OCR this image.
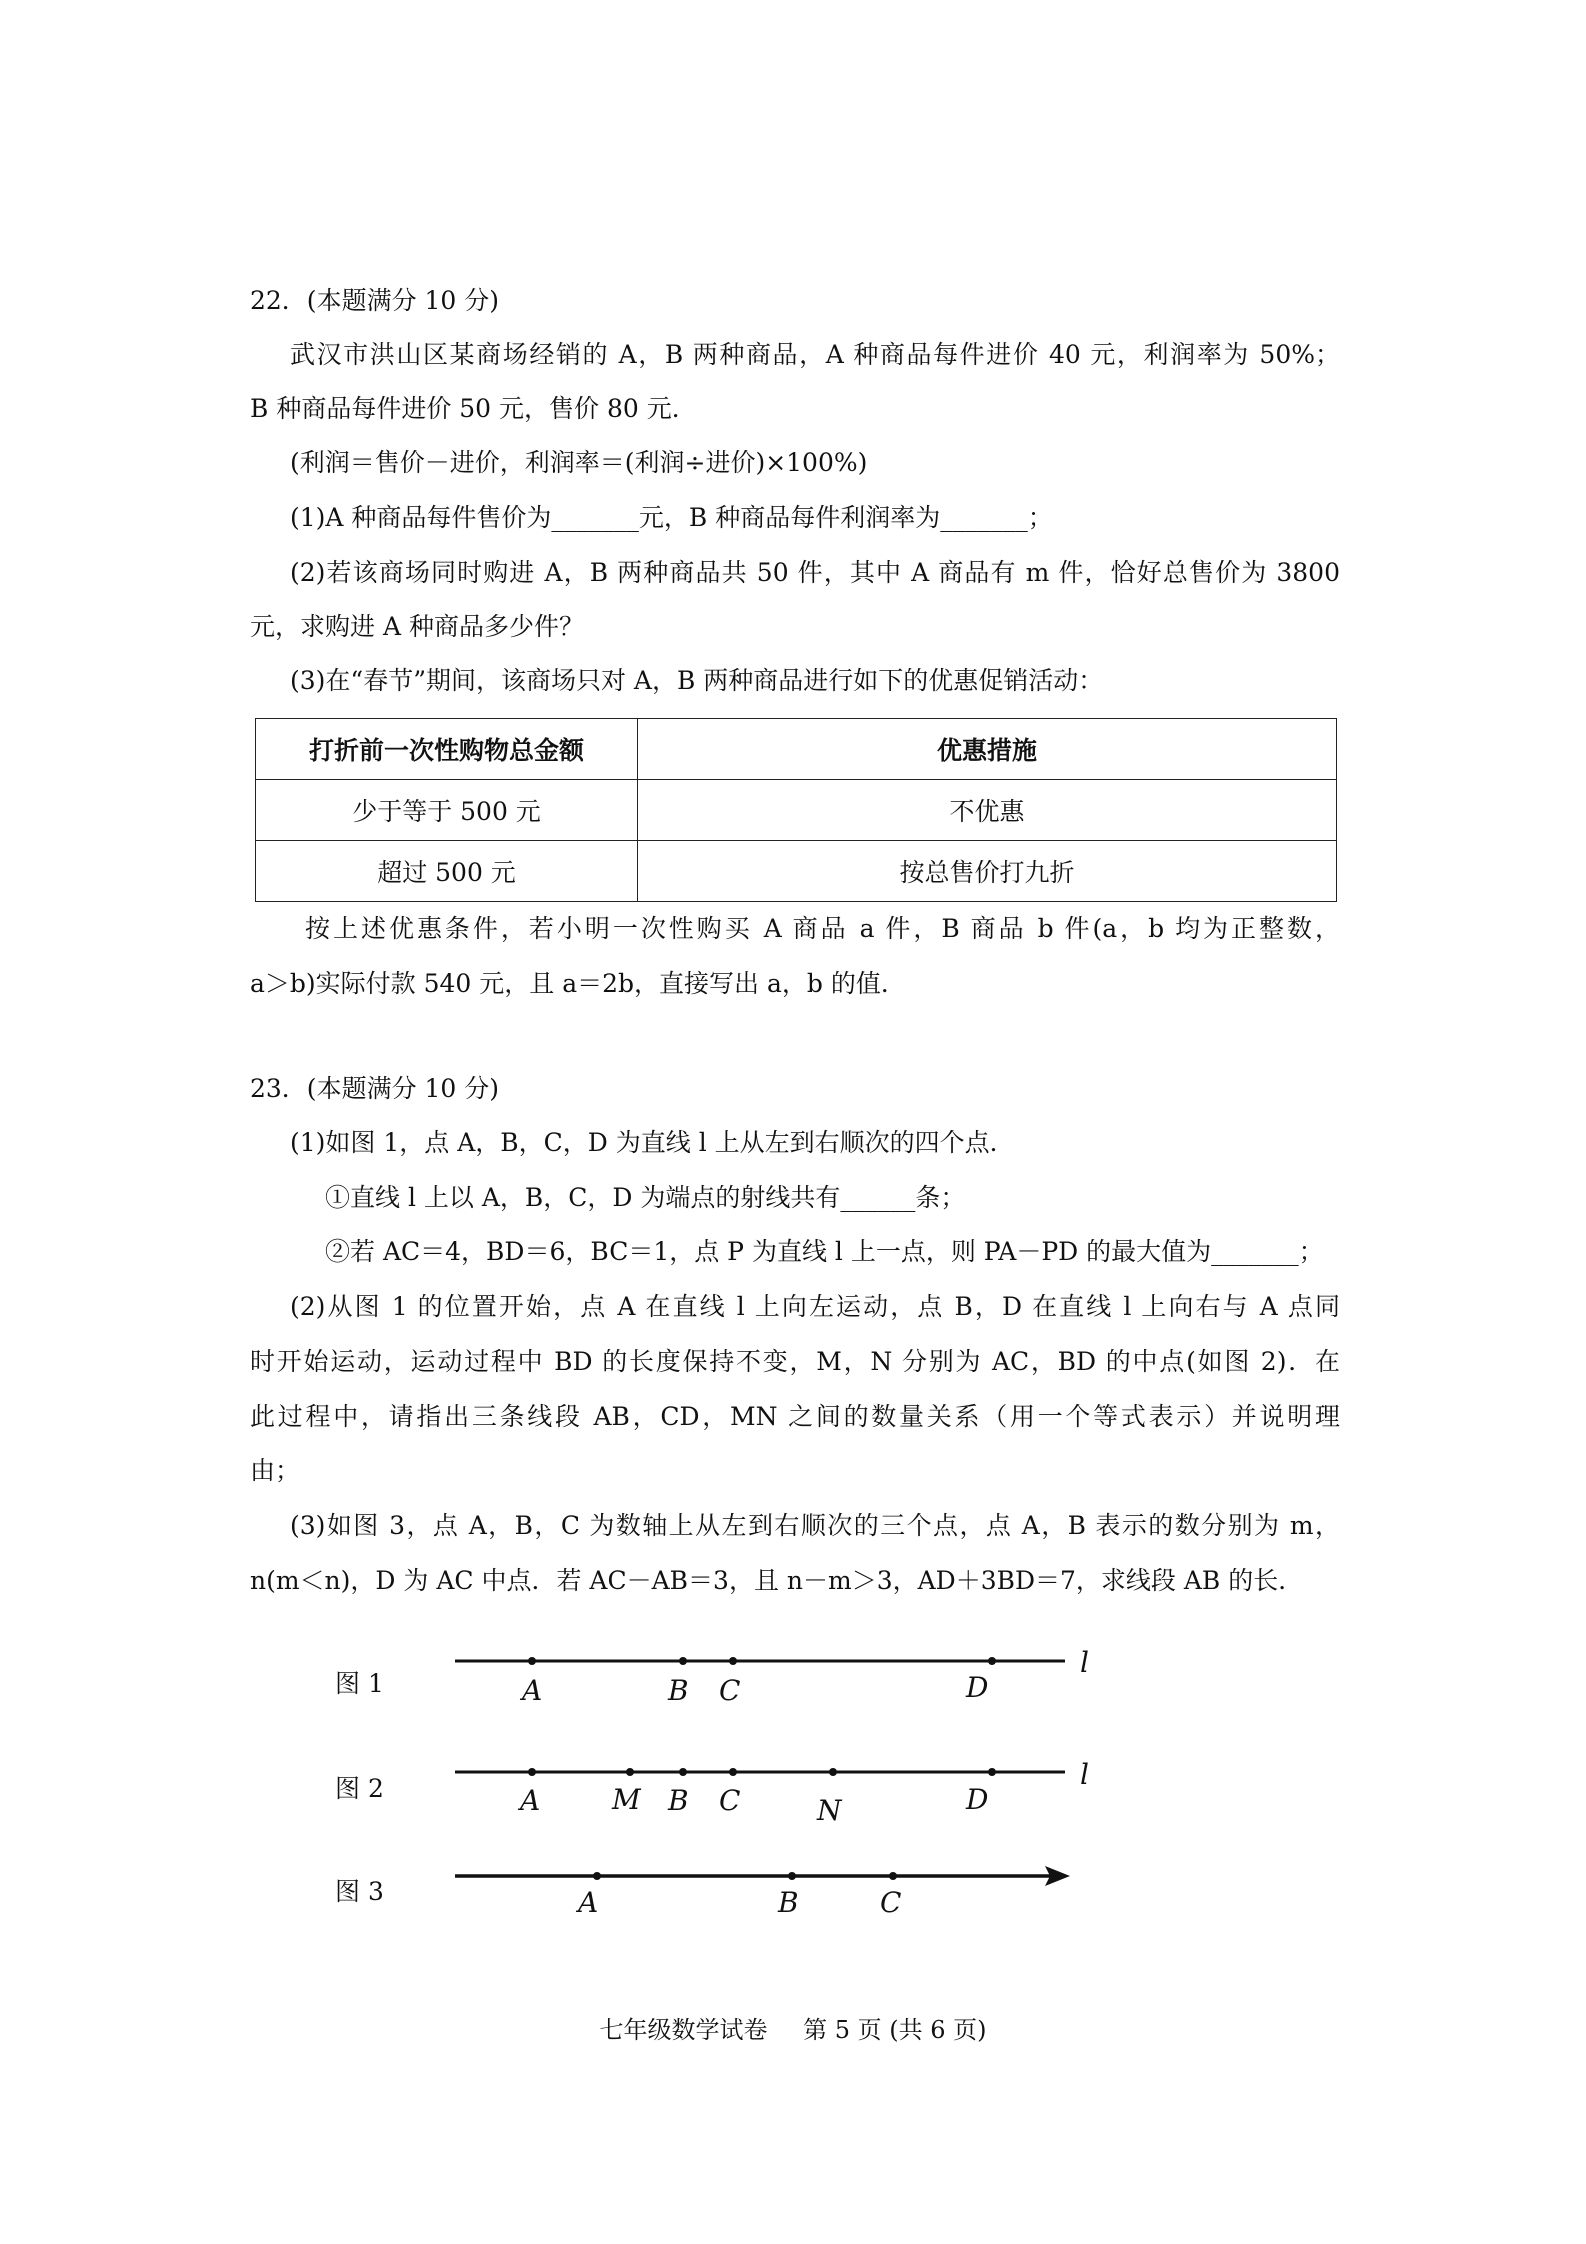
22．(本题满分 10 分)
武汉市洪山区某商场经销的 A，B 两种商品，A 种商品每件进价 40 元，利润率为 50%；
B 种商品每件进价 50 元，售价 80 元．
(利润＝售价－进价，利润率＝(利润÷进价)×100%)
(1)A 种商品每件售价为_______元，B 种商品每件利润率为_______；
(2)若该商场同时购进 A，B 两种商品共 50 件，其中 A 商品有 m 件，恰好总售价为 3800
元，求购进 A 种商品多少件？
(3)在“春节”期间，该商场只对 A，B 两种商品进行如下的优惠促销活动：
打折前一次性购物总金额	优惠措施
少于等于 500 元	不优惠
超过 500 元	按总售价打九折
按上述优惠条件，若小明一次性购买 A 商品 a 件，B 商品 b 件(a，b 均为正整数，
a＞b)实际付款 540 元，且 a＝2b，直接写出 a，b 的值．
23．(本题满分 10 分)
(1)如图 1，点 A，B，C，D 为直线 l 上从左到右顺次的四个点．
①直线 l 上以 A，B，C，D 为端点的射线共有______条；
②若 AC＝4，BD＝6，BC＝1，点 P 为直线 l 上一点，则 PA－PD 的最大值为_______；
(2)从图 1 的位置开始，点 A 在直线 l 上向左运动，点 B，D 在直线 l 上向右与 A 点同
时开始运动，运动过程中 BD 的长度保持不变，M，N 分别为 AC，BD 的中点(如图 2)．在
此过程中，请指出三条线段 AB，CD，MN 之间的数量关系（用一个等式表示）并说明理
由；
(3)如图 3，点 A，B，C 为数轴上从左到右顺次的三个点，点 A，B 表示的数分别为 m，
n(m＜n)，D 为 AC 中点．若 AC－AB＝3，且 n－m＞3，AD＋3BD＝7，求线段 AB 的长．
图 1
图 2
图 3
A	B C	D
l
A	M B C	N	D
l
A	B	C
七年级数学试卷 第 5 页 (共 6 页)
